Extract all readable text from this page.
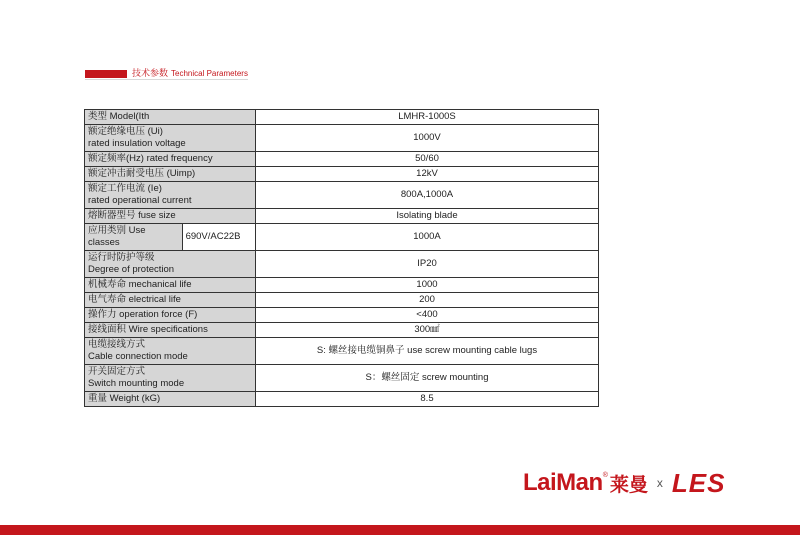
技术参数 Technical Parameters
类型 Model(Ith		LMHR-1000S

额定绝缘电压 (Ui)
rated insulation voltage		1000V
额定频率(Hz) rated frequency		50/60
额定冲击耐受电压 (Uimp)		12kV

额定工作电流 (Ie)
rated operational current		800A,1000A
熔断器型号 fuse size		Isolating blade
应用类别 Use classes	690V/AC22B	1000A

运行时防护等级
Degree of protection		IP20
机械寿命 mechanical life		1000
电气寿命 electrical life		200
操作力 operation force (F)		<400
接线面积 Wire specifications		300㎟

电缆接线方式
Cable connection mode		S: 螺丝接电缆铜鼻子 use screw mounting cable lugs

开关固定方式
Switch mounting mode		S：螺丝固定 screw mounting
重量 Weight (kG)		8.5
LaiMan ® 莱曼 x LES
